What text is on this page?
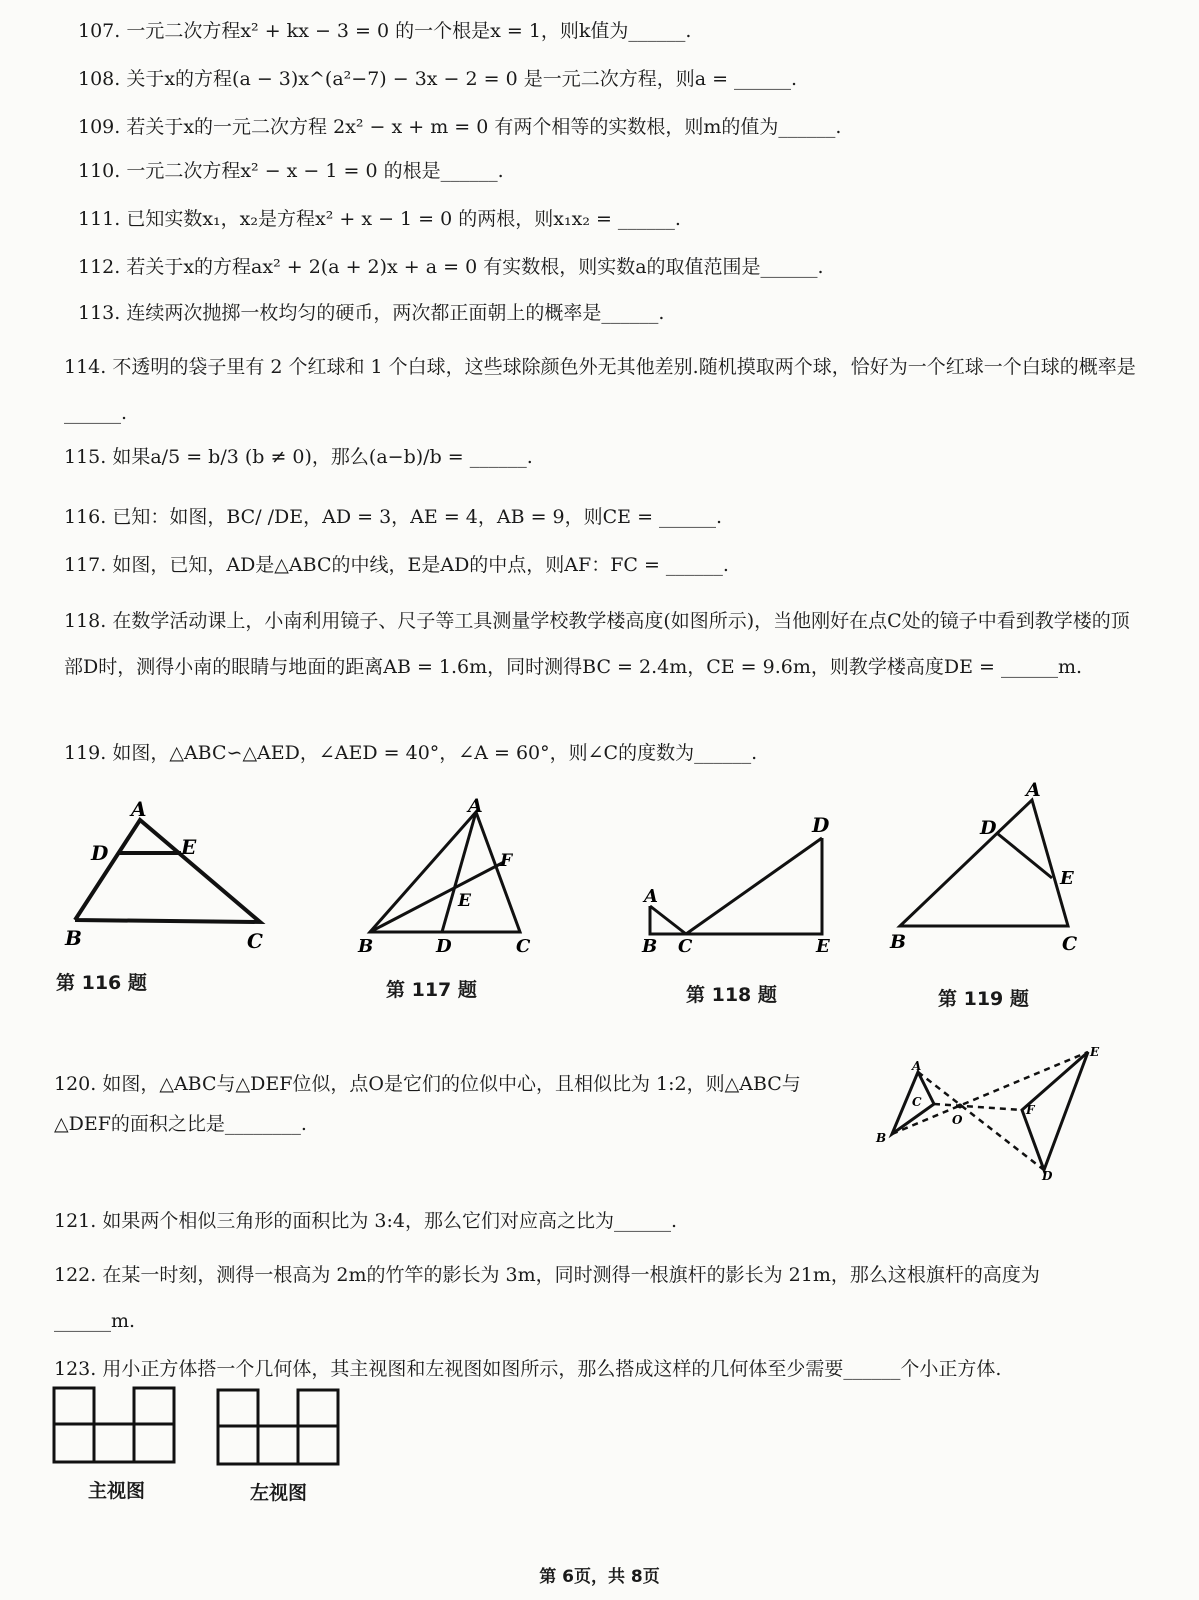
107. 一元二次方程x² + kx − 3 = 0 的一个根是x = 1，则k值为______.
108. 关于x的方程(a − 3)x^(a²−7) − 3x − 2 = 0 是一元二次方程，则a = ______.
109. 若关于x的一元二次方程 2x² − x + m = 0 有两个相等的实数根，则m的值为______.
110. 一元二次方程x² − x − 1 = 0 的根是______.
111. 已知实数x₁，x₂是方程x² + x − 1 = 0 的两根，则x₁x₂ = ______.
112. 若关于x的方程ax² + 2(a + 2)x + a = 0 有实数根，则实数a的取值范围是______.
113. 连续两次抛掷一枚均匀的硬币，两次都正面朝上的概率是______.
114. 不透明的袋子里有 2 个红球和 1 个白球，这些球除颜色外无其他差别.随机摸取两个球，恰好为一个红球一个白球的概率是______.
115. 如果a/5 = b/3 (b ≠ 0)，那么(a−b)/b = ______.
116. 已知：如图，BC/ /DE，AD = 3，AE = 4，AB = 9，则CE = ______.
117. 如图，已知，AD是△ABC的中线，E是AD的中点，则AF：FC = ______.
118. 在数学活动课上，小南利用镜子、尺子等工具测量学校教学楼高度(如图所示)，当他刚好在点C处的镜子中看到教学楼的顶部D时，测得小南的眼睛与地面的距离AB = 1.6m，同时测得BC = 2.4m，CE = 9.6m，则教学楼高度DE = ______m.
119. 如图，△ABC∽△AED，∠AED = 40°，∠A = 60°，则∠C的度数为______.
A
D	E
B	C
第 116 题
A
F
E
B	D	C
第 117 题
D
A
B C	E
第 118 题
A
D
E
B	C
第 119 题
120. 如图，△ABC与△DEF位似，点O是它们的位似中心，且相似比为 1:2，则△ABC与△DEF的面积之比是________.
A
C
B
O
E
F
D
121. 如果两个相似三角形的面积比为 3:4，那么它们对应高之比为______.
122. 在某一时刻，测得一根高为 2m的竹竿的影长为 3m，同时测得一根旗杆的影长为 21m，那么这根旗杆的高度为______m.
123. 用小正方体搭一个几何体，其主视图和左视图如图所示，那么搭成这样的几何体至少需要______个小正方体.
主视图	左视图
第 6页，共 8页
